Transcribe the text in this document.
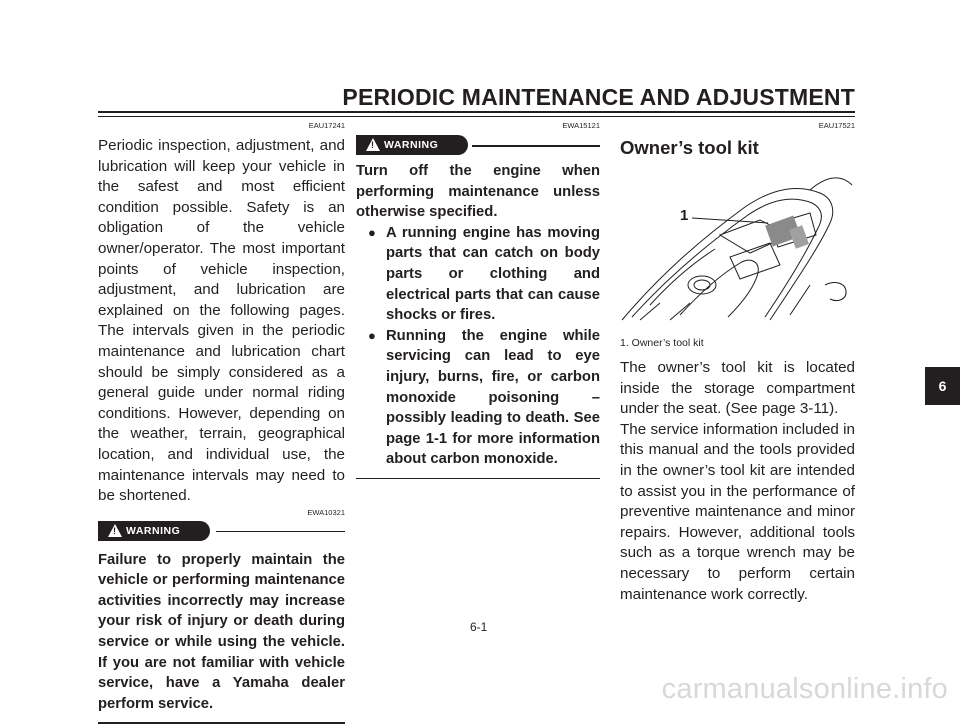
PERIODIC MAINTENANCE AND ADJUSTMENT
EAU17241

Periodic inspection, adjustment, and lubrication will keep your vehicle in the safest and most efficient condition possible. Safety is an obligation of the vehicle owner/operator. The most important points of vehicle inspection, adjustment, and lubrication are explained on the following pages. The intervals given in the periodic maintenance and lubrication chart should be simply considered as a general guide under normal riding conditions. However, depending on the weather, terrain, geographical location, and individual use, the maintenance intervals may need to be shortened.

EWA10321
!
WARNING

Failure to properly maintain the vehicle or performing maintenance activities incorrectly may increase your risk of injury or death during service or while using the vehicle. If you are not familiar with vehicle service, have a Yamaha dealer perform service.

EWA15121
!
WARNING

Turn off the engine when performing maintenance unless otherwise specified.

● A running engine has moving parts that can catch on body parts or clothing and electrical parts that can cause shocks or fires.
● Running the engine while servicing can lead to eye injury, burns, fire, or carbon monoxide poisoning – possibly leading to death. See page 1-1 for more information about carbon monoxide.
EAU17521
Owner’s tool kit
1
1. Owner’s tool kit

The owner’s tool kit is located inside the storage compartment under the seat. (See page 3-11).

The service information included in this manual and the tools provided in the owner’s tool kit are intended to assist you in the performance of preventive maintenance and minor repairs. However, additional tools such as a torque wrench may be necessary to perform certain maintenance work correctly.

6
6-1
carmanualsonline.info
